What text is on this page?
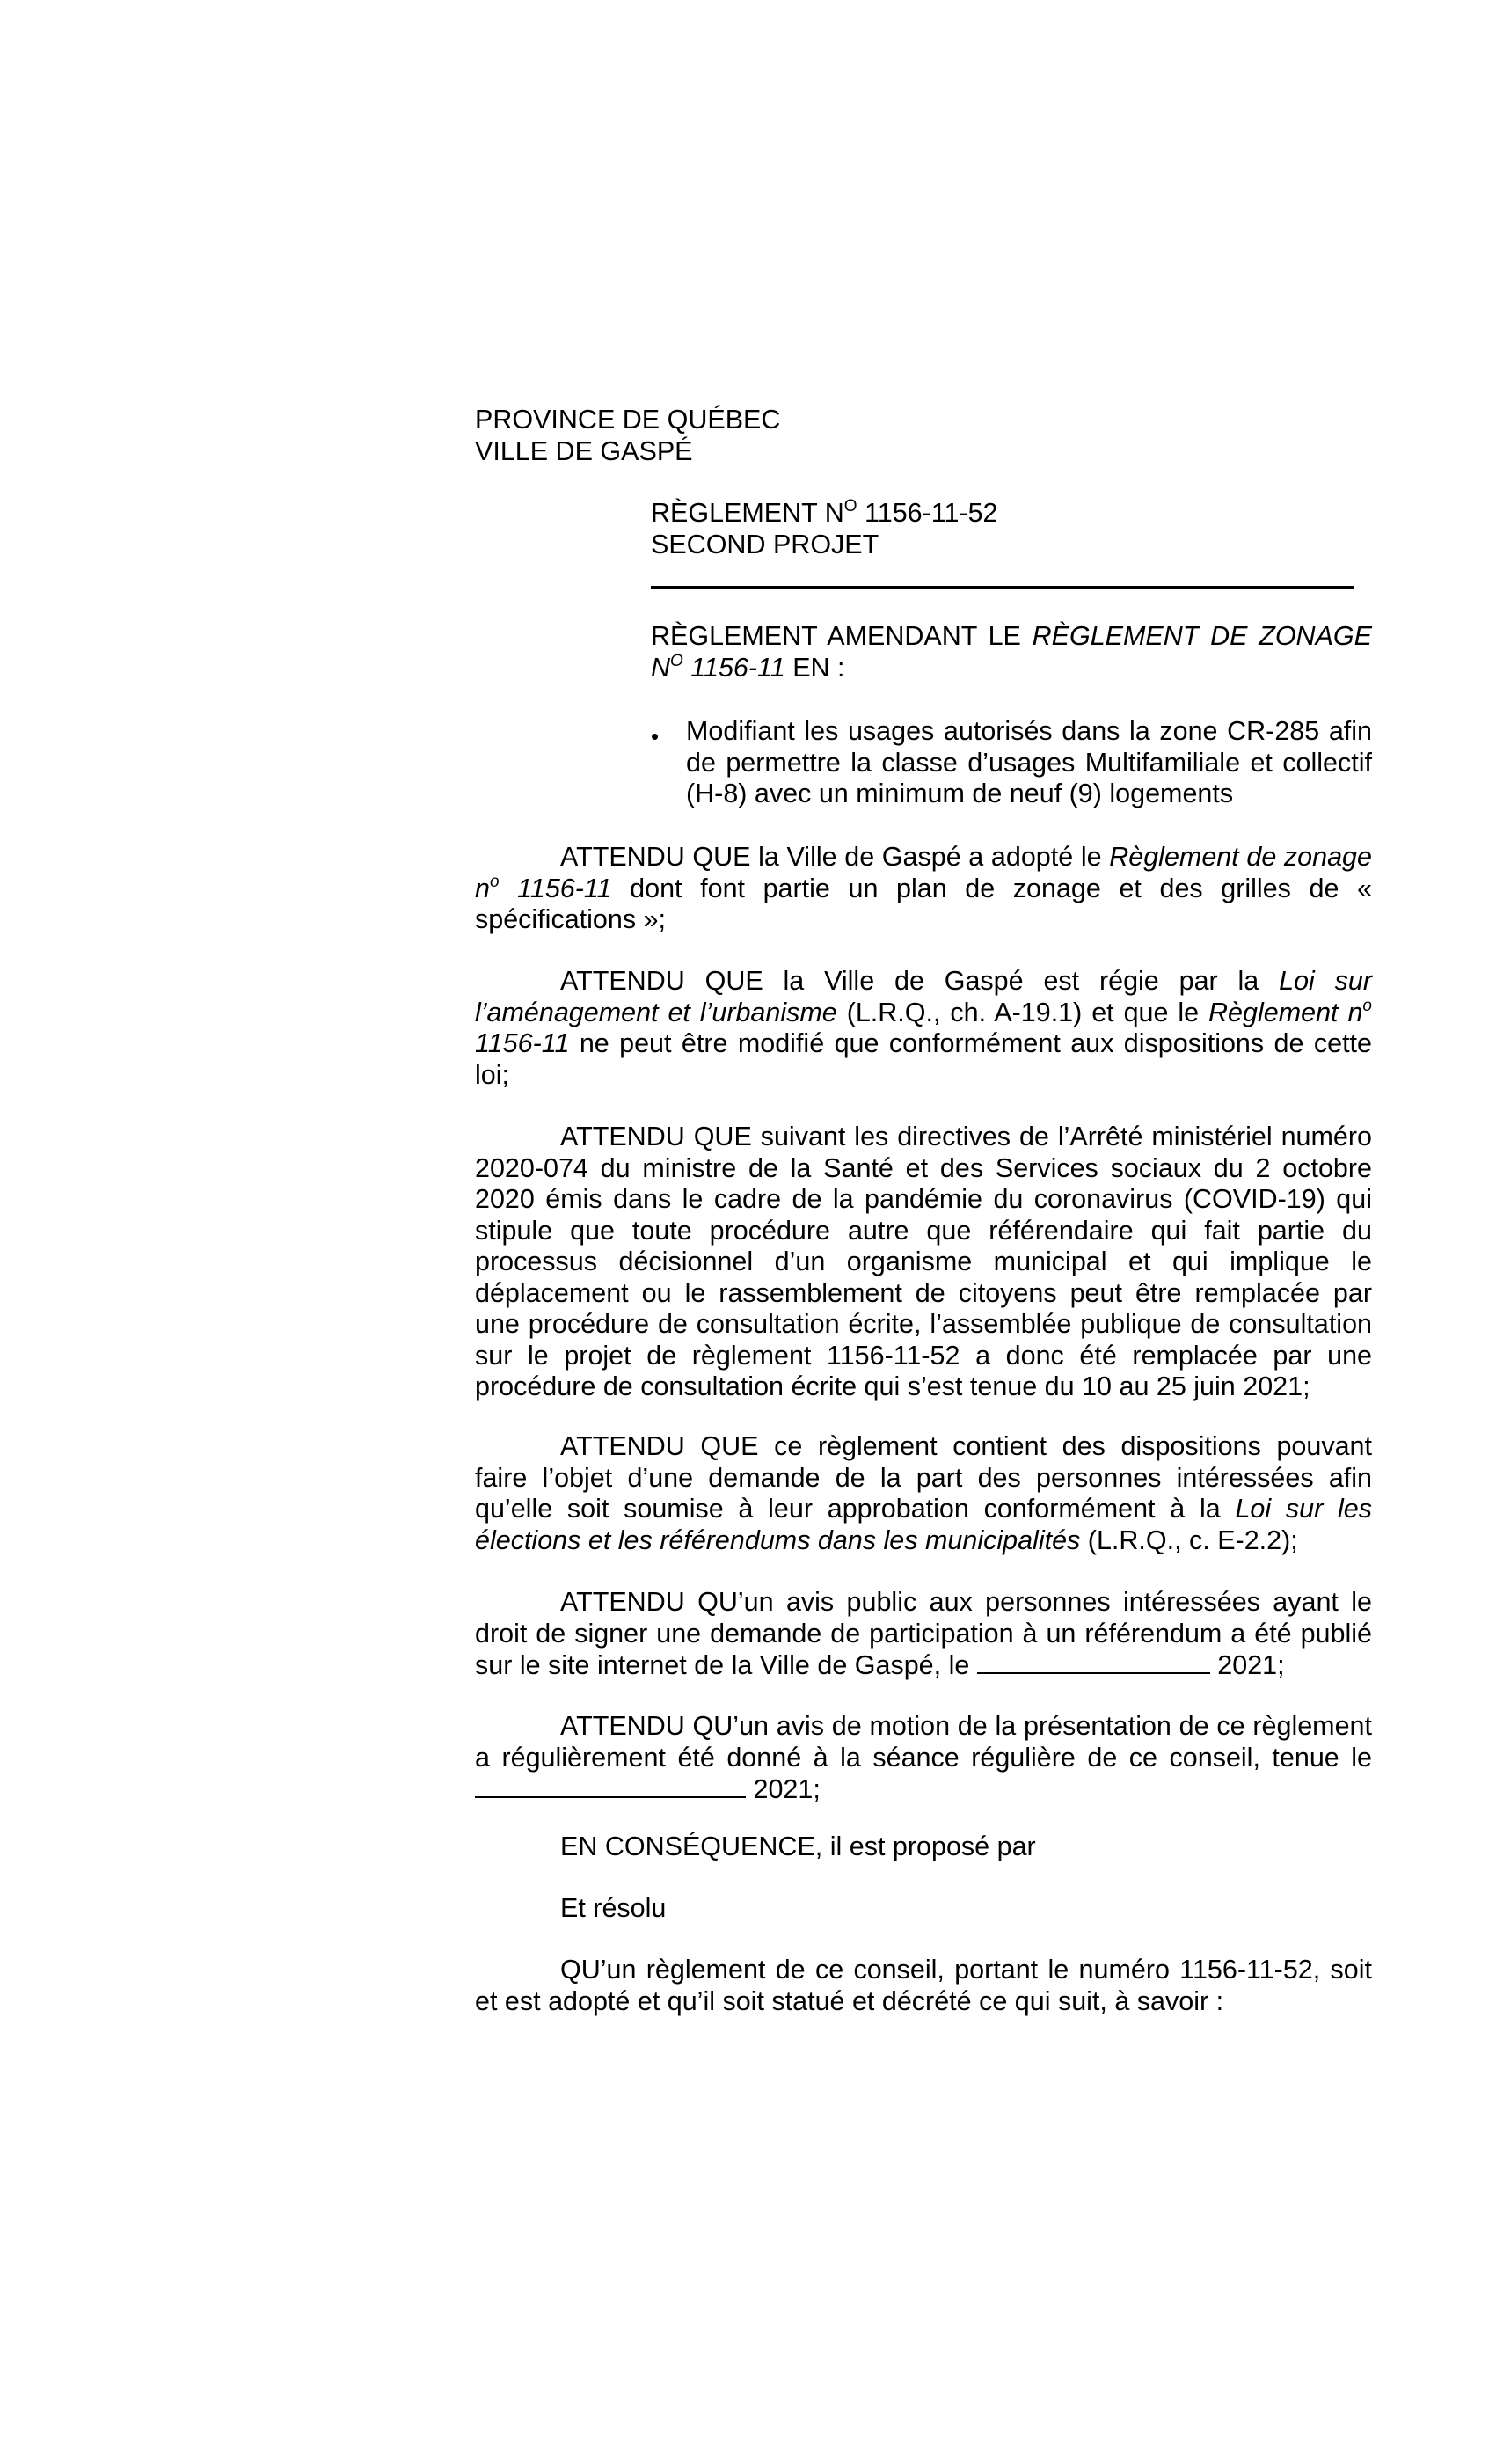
PROVINCE DE QUÉBEC
VILLE DE GASPÉ
RÈGLEMENT $N^O$ 1156-11-52
SECOND PROJET

RÈGLEMENT AMENDANT LE RÈGLEMENT DE ZONAGE $N^O$ 1156-11 EN :

•	Modifiant les usages autorisés dans la zone CR-285 afin de permettre la classe d’usages Multifamiliale et collectif (H-8) avec un minimum de neuf (9) logements

ATTENDU QUE la Ville de Gaspé a adopté le Règlement de zonage $n^o$ 1156-11 dont font partie un plan de zonage et des grilles de « spécifications »;

ATTENDU QUE la Ville de Gaspé est régie par la Loi sur l’aménagement et l’urbanisme (L.R.Q., ch. A-19.1) et que le Règlement $n^o$ 1156-11 ne peut être modifié que conformément aux dispositions de cette loi;

ATTENDU QUE suivant les directives de l’Arrêté ministériel numéro 2020-074 du ministre de la Santé et des Services sociaux du 2 octobre 2020 émis dans le cadre de la pandémie du coronavirus (COVID-19) qui stipule que toute procédure autre que référendaire qui fait partie du processus décisionnel d’un organisme municipal et qui implique le déplacement ou le rassemblement de citoyens peut être remplacée par une procédure de consultation écrite, l’assemblée publique de consultation sur le projet de règlement 1156-11-52 a donc été remplacée par une procédure de consultation écrite qui s’est tenue du 10 au 25 juin 2021;

ATTENDU QUE ce règlement contient des dispositions pouvant faire l’objet d’une demande de la part des personnes intéressées afin qu’elle soit soumise à leur approbation conformément à la Loi sur les élections et les référendums dans les municipalités (L.R.Q., c. E-2.2);

ATTENDU QU’un avis public aux personnes intéressées ayant le droit de signer une demande de participation à un référendum a été publié sur le site internet de la Ville de Gaspé, le	2021;

ATTENDU QU’un avis de motion de la présentation de ce règlement a régulièrement été donné à la séance régulière de ce conseil, tenue le  2021;

EN CONSÉQUENCE, il est proposé par

Et résolu

QU’un règlement de ce conseil, portant le numéro 1156-11-52, soit et est adopté et qu’il soit statué et décrété ce qui suit, à savoir :
